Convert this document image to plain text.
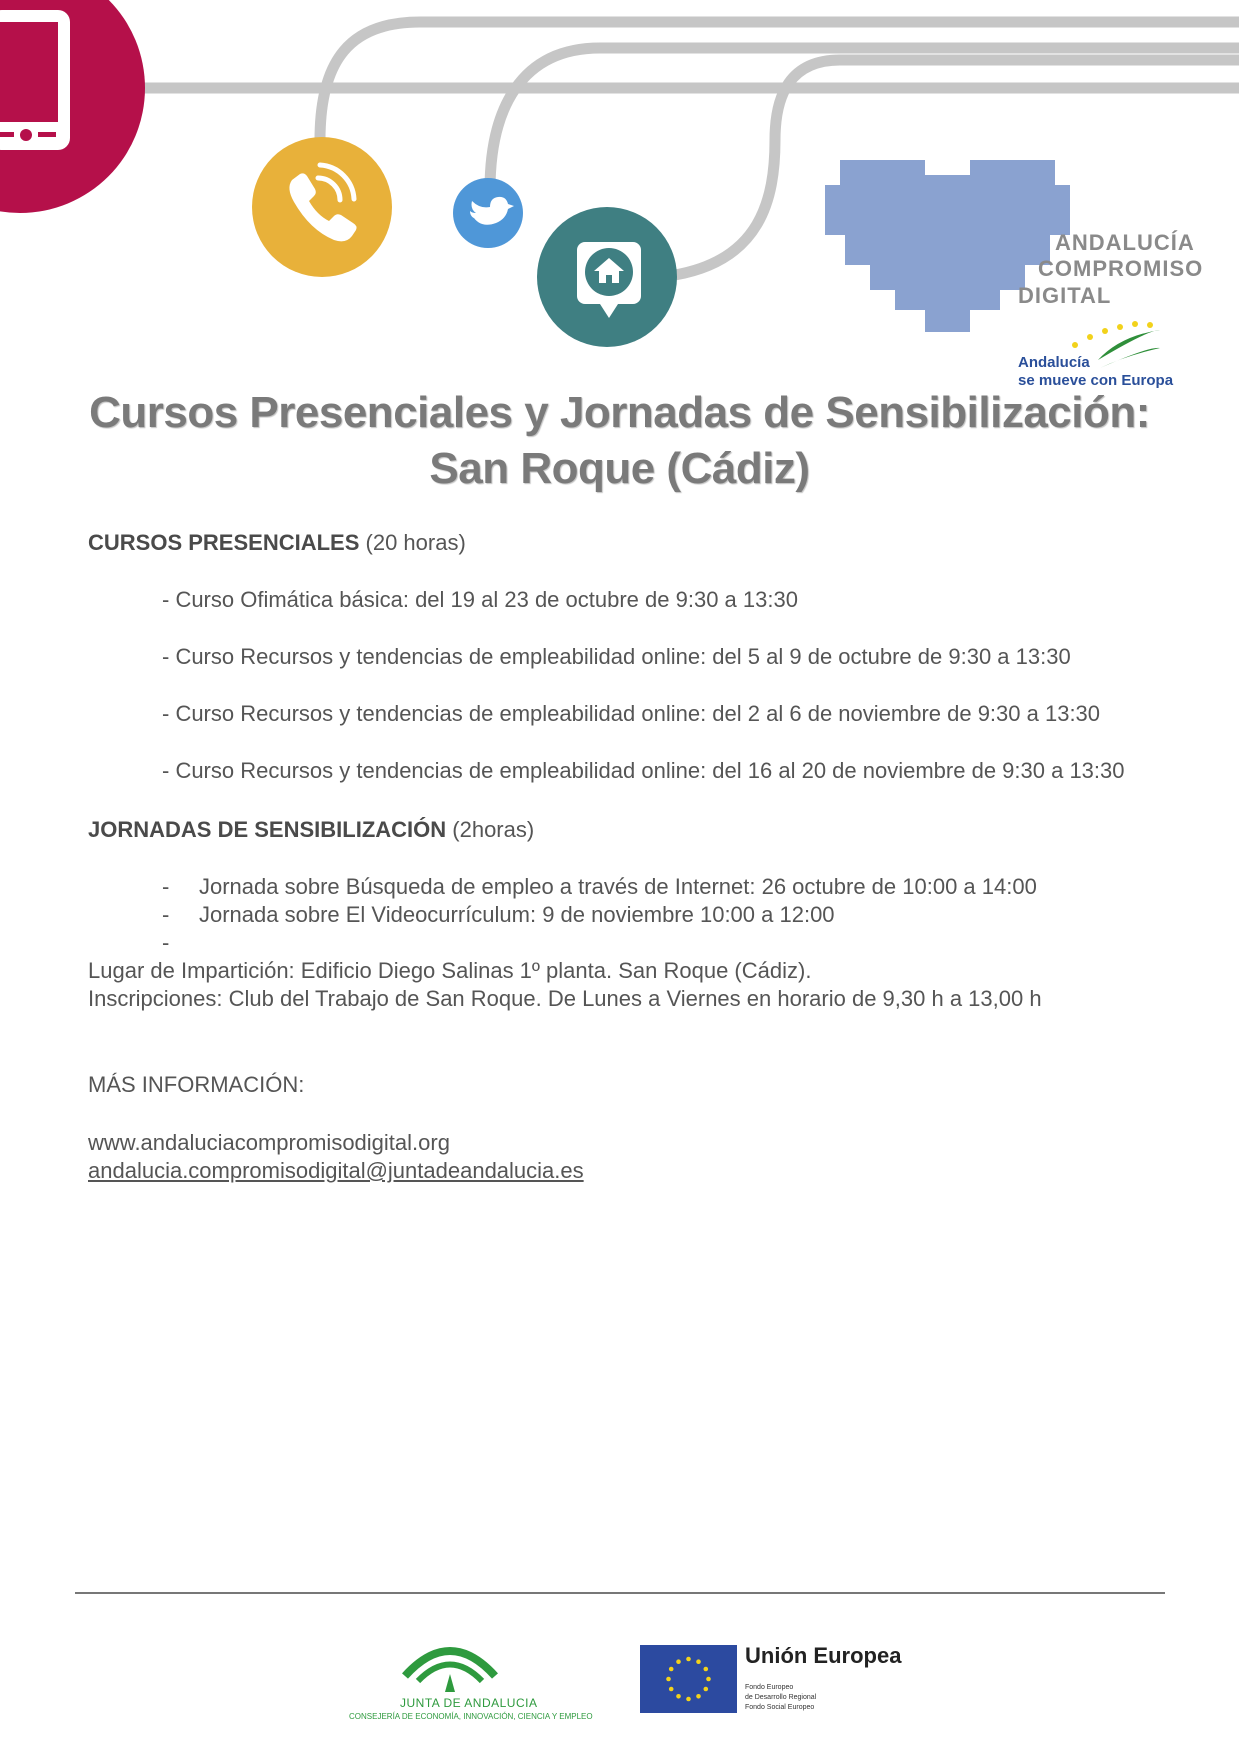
ANDALUCÍA
COMPROMISO
DIGITAL
Andalucía
se mueve con Europa
Cursos Presenciales y Jornadas de Sensibilización:
San Roque (Cádiz)
CURSOS PRESENCIALES (20 horas)
- Curso Ofimática básica: del 19 al 23 de octubre de 9:30 a 13:30
- Curso Recursos y tendencias de empleabilidad online: del 5 al 9 de octubre de 9:30 a 13:30
- Curso Recursos y tendencias de empleabilidad online: del 2 al 6 de noviembre de 9:30 a 13:30
- Curso Recursos y tendencias de empleabilidad online: del 16 al 20 de noviembre de 9:30 a 13:30
JORNADAS DE SENSIBILIZACIÓN (2horas)
- Jornada sobre Búsqueda de empleo a través de Internet: 26 octubre de 10:00 a 14:00
- Jornada sobre El Videocurrículum: 9 de noviembre 10:00 a 12:00
-
Lugar de Impartición: Edificio Diego Salinas 1º planta. San Roque (Cádiz).
Inscripciones: Club del Trabajo de San Roque. De Lunes a Viernes en horario de 9,30 h a 13,00 h
MÁS INFORMACIÓN:
www.andaluciacompromisodigital.org
andalucia.compromisodigital@juntadeandalucia.es
JUNTA DE ANDALUCIA
CONSEJERÍA DE ECONOMÍA, INNOVACIÓN, CIENCIA Y EMPLEO
Unión Europea
Fondo Europeo
de Desarrollo Regional
Fondo Social Europeo
